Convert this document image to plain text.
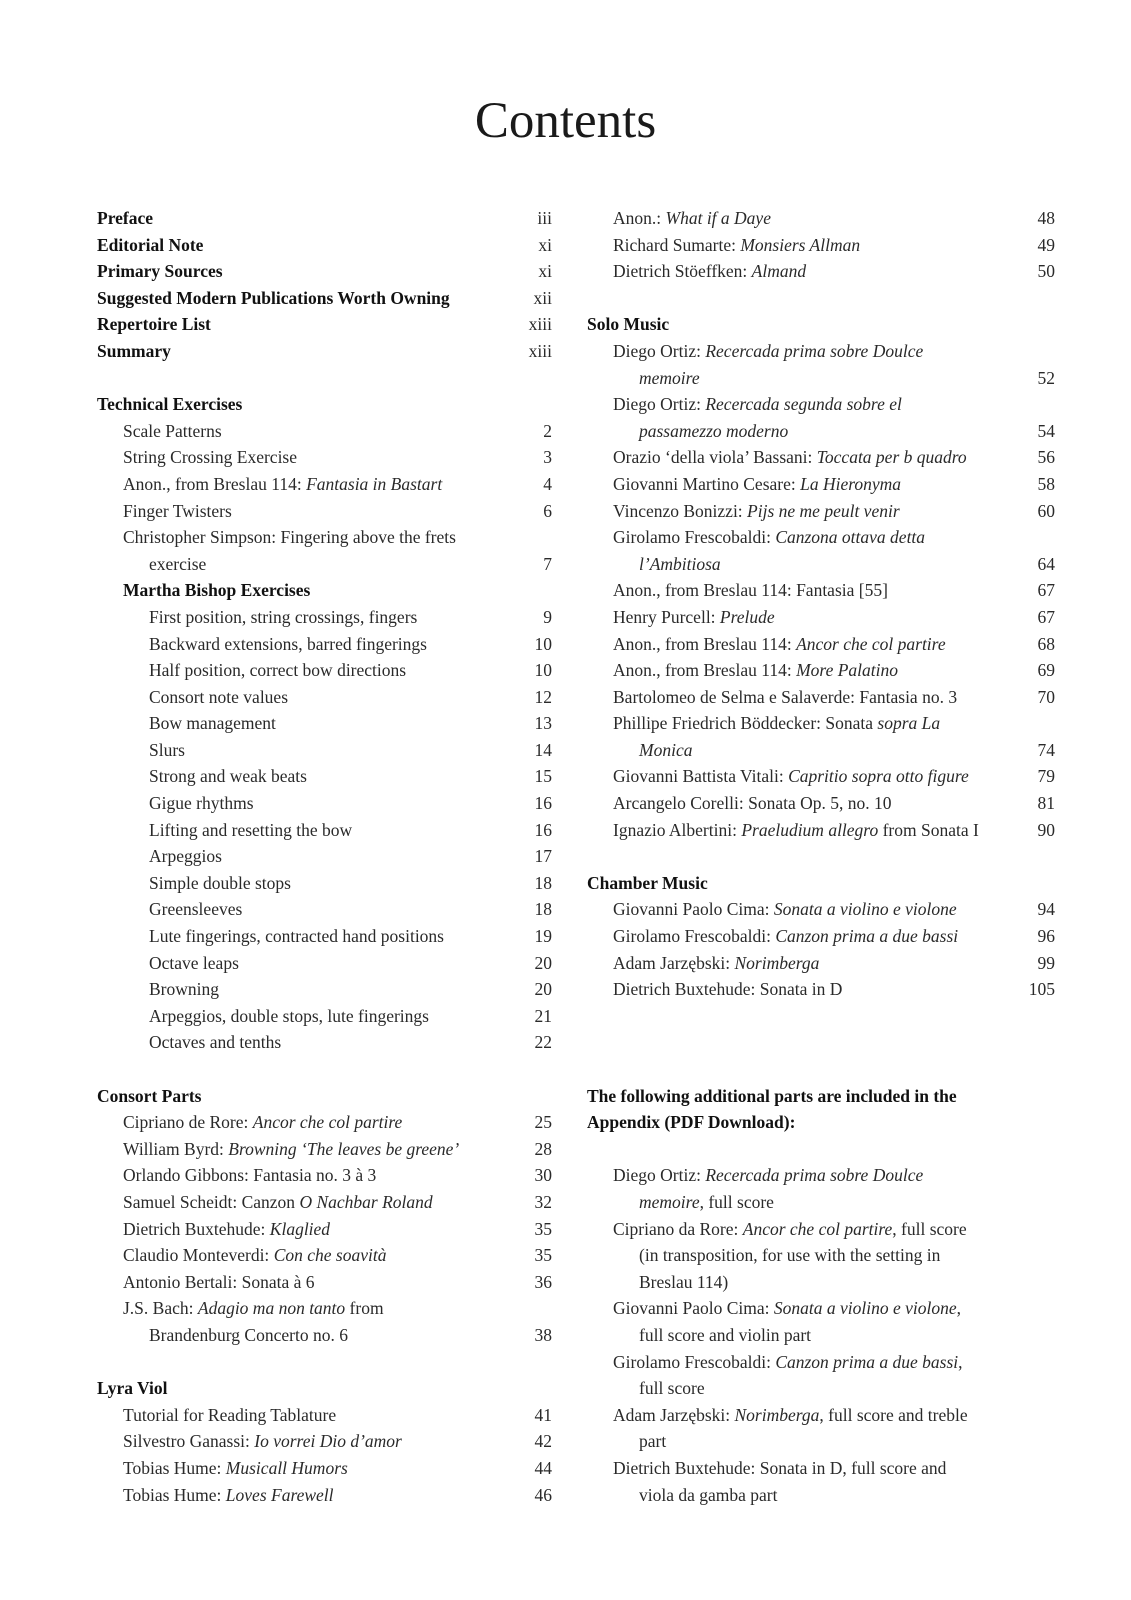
Contents
Preface	iii
Editorial Note	xi
Primary Sources	xi
Suggested Modern Publications Worth Owning	xii
Repertoire List	xiii
Summary	xiii
Technical Exercises
Scale Patterns	2
String Crossing Exercise	3
Anon., from Breslau 114: Fantasia in Bastart	4
Finger Twisters	6
Christopher Simpson: Fingering above the frets
exercise	7
Martha Bishop Exercises
First position, string crossings, fingers	9
Backward extensions, barred fingerings	10
Half position, correct bow directions	10
Consort note values	12
Bow management	13
Slurs	14
Strong and weak beats	15
Gigue rhythms	16
Lifting and resetting the bow	16
Arpeggios	17
Simple double stops	18
Greensleeves	18
Lute fingerings, contracted hand positions	19
Octave leaps	20
Browning	20
Arpeggios, double stops, lute fingerings	21
Octaves and tenths	22
Consort Parts
Cipriano de Rore: Ancor che col partire	25
William Byrd: Browning ‘The leaves be greene’	28
Orlando Gibbons: Fantasia no. 3 à 3	30
Samuel Scheidt: Canzon O Nachbar Roland	32
Dietrich Buxtehude: Klaglied	35
Claudio Monteverdi: Con che soavità	35
Antonio Bertali: Sonata à 6	36
J.S. Bach: Adagio ma non tanto from
Brandenburg Concerto no. 6	38
Lyra Viol
Tutorial for Reading Tablature	41
Silvestro Ganassi: Io vorrei Dio d’amor	42
Tobias Hume: Musicall Humors	44
Tobias Hume: Loves Farewell	46
Anon.: What if a Daye	48
Richard Sumarte: Monsiers Allman	49
Dietrich Stöeffken: Almand	50
Solo Music
Diego Ortiz: Recercada prima sobre Doulce
memoire	52
Diego Ortiz: Recercada segunda sobre el
passamezzo moderno	54
Orazio ‘della viola’ Bassani: Toccata per b quadro	56
Giovanni Martino Cesare: La Hieronyma	58
Vincenzo Bonizzi: Pijs ne me peult venir	60
Girolamo Frescobaldi: Canzona ottava detta
l’Ambitiosa	64
Anon., from Breslau 114: Fantasia [55]	67
Henry Purcell: Prelude	67
Anon., from Breslau 114: Ancor che col partire	68
Anon., from Breslau 114: More Palatino	69
Bartolomeo de Selma e Salaverde: Fantasia no. 3	70
Phillipe Friedrich Böddecker: Sonata sopra La
Monica	74
Giovanni Battista Vitali: Capritio sopra otto figure	79
Arcangelo Corelli: Sonata Op. 5, no. 10	81
Ignazio Albertini: Praeludium allegro from Sonata I	90
Chamber Music
Giovanni Paolo Cima: Sonata a violino e violone	94
Girolamo Frescobaldi: Canzon prima a due bassi	96
Adam Jarzębski: Norimberga	99
Dietrich Buxtehude: Sonata in D	105
The following additional parts are included in the
Appendix (PDF Download):
Diego Ortiz: Recercada prima sobre Doulce
memoire, full score
Cipriano da Rore: Ancor che col partire, full score
(in transposition, for use with the setting in
Breslau 114)
Giovanni Paolo Cima: Sonata a violino e violone,
full score and violin part
Girolamo Frescobaldi: Canzon prima a due bassi,
full score
Adam Jarzębski: Norimberga, full score and treble
part
Dietrich Buxtehude: Sonata in D, full score and
viola da gamba part
